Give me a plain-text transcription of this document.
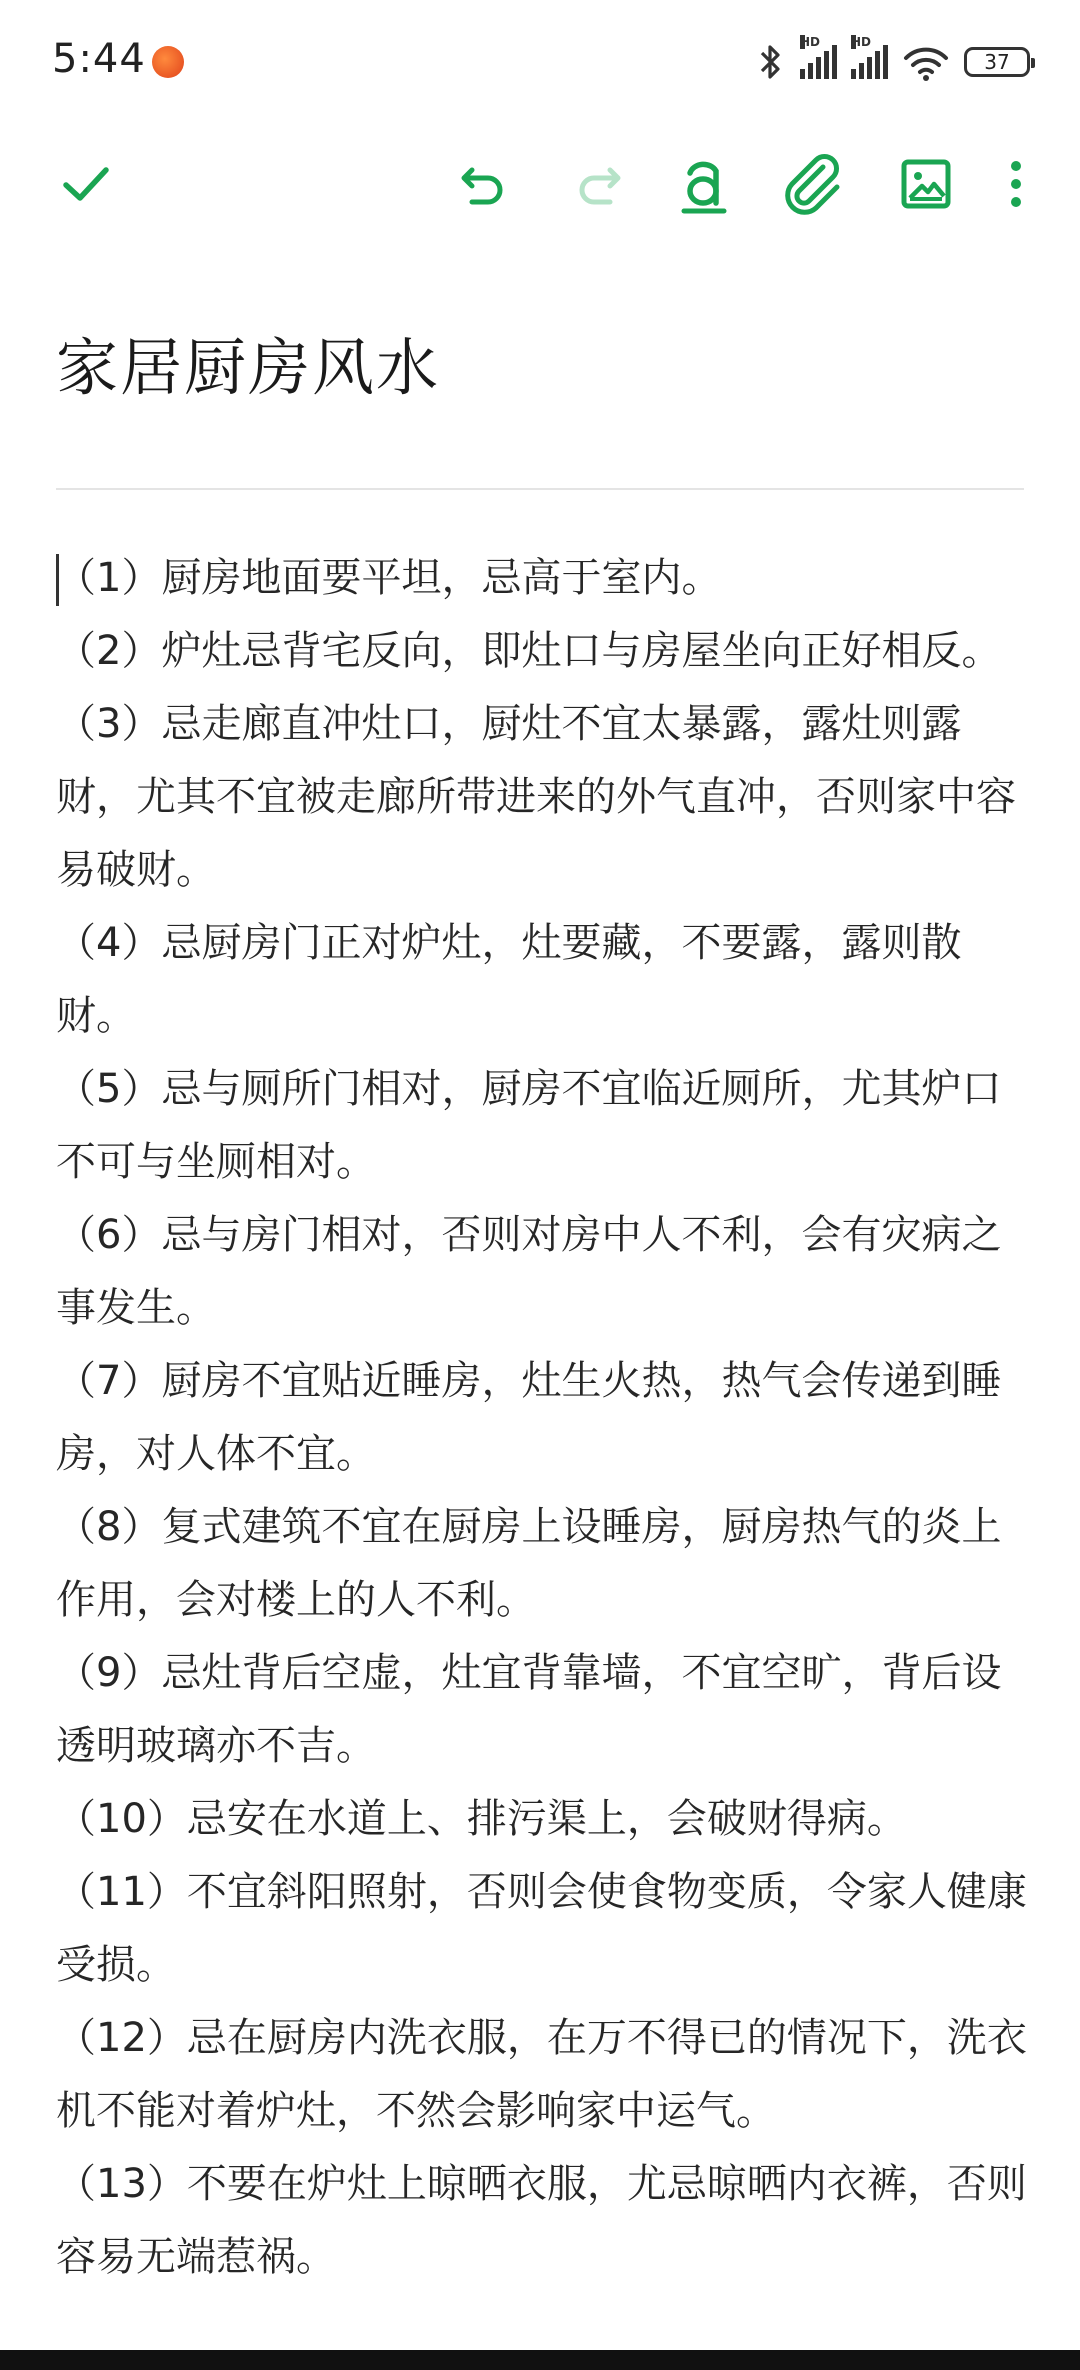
5:44	HD	HD
37
家居厨房风水

（1）厨房地面要平坦，忌高于室内。

（2）炉灶忌背宅反向，即灶口与房屋坐向正好相反。

（3）忌走廊直冲灶口，厨灶不宜太暴露，露灶则露财，尤其不宜被走廊所带进来的外气直冲，否则家中容易破财。

（4）忌厨房门正对炉灶，灶要藏，不要露，露则散财。

（5）忌与厕所门相对，厨房不宜临近厕所，尤其炉口不可与坐厕相对。

（6）忌与房门相对，否则对房中人不利，会有灾病之事发生。

（7）厨房不宜贴近睡房，灶生火热，热气会传递到睡房，对人体不宜。

（8）复式建筑不宜在厨房上设睡房，厨房热气的炎上作用，会对楼上的人不利。

（9）忌灶背后空虚，灶宜背靠墙，不宜空旷，背后设透明玻璃亦不吉。

（10）忌安在水道上、排污渠上，会破财得病。

（11）不宜斜阳照射，否则会使食物变质，令家人健康受损。

（12）忌在厨房内洗衣服，在万不得已的情况下，洗衣机不能对着炉灶，不然会影响家中运气。

（13）不要在炉灶上晾晒衣服，尤忌晾晒内衣裤，否则容易无端惹祸。
